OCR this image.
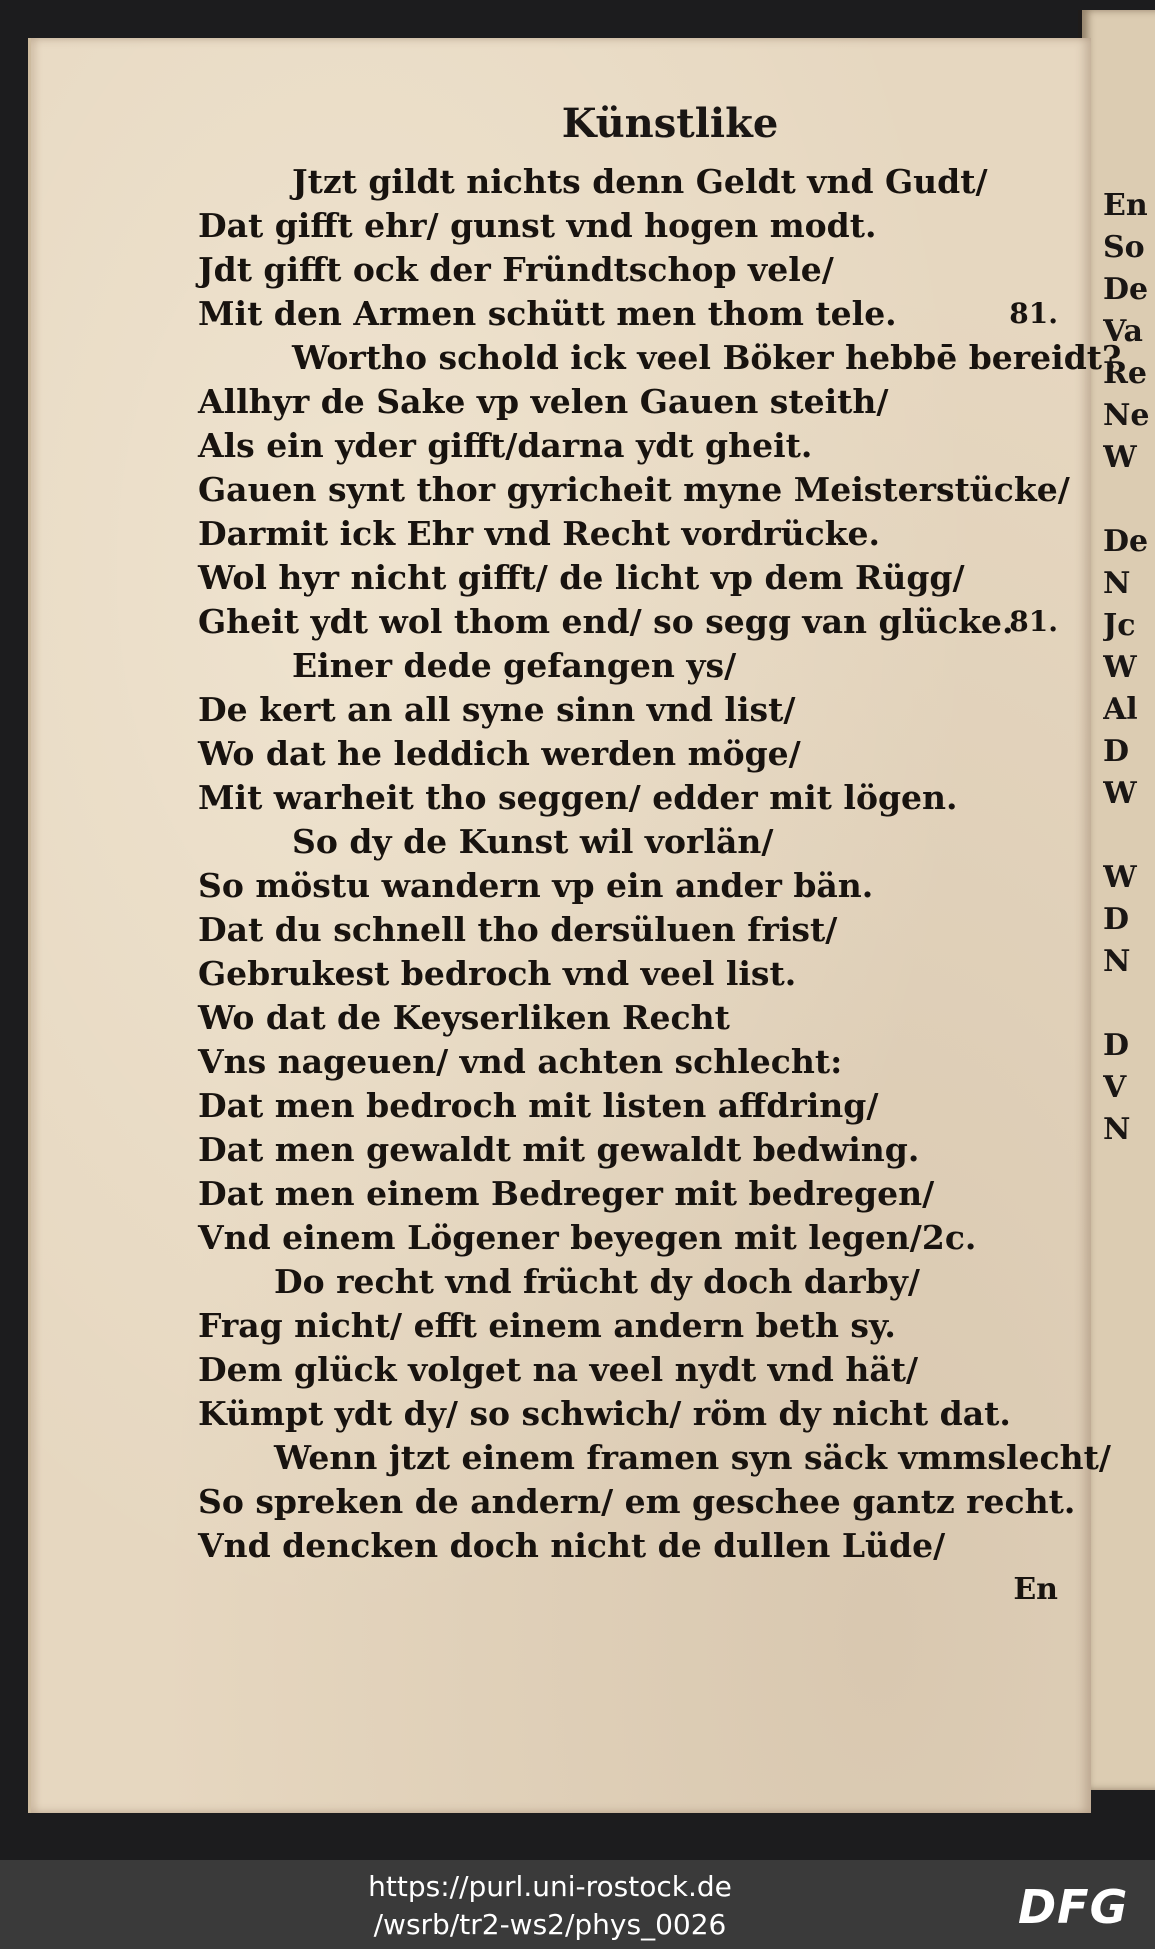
Künstlike
Jtzt gildt nichts denn Geldt vnd Gudt/
Dat gifft ehr/ gunst vnd hogen modt.
Jdt gifft ock der Fründtschop vele/
Mit den Armen schütt men thom tele.	81.
Wortho schold ick veel Böker hebbē bereidt?
Allhyr de Sake vp velen Gauen steith/
Als ein yder gifft/darna ydt gheit.
Gauen synt thor gyricheit myne Meisterstücke/
Darmit ick Ehr vnd Recht vordrücke.
Wol hyr nicht gifft/ de licht vp dem Rügg/
Gheit ydt wol thom end/ so segg van glücke.
81.
Einer dede gefangen ys/
De kert an all syne sinn vnd list/
Wo dat he leddich werden möge/
Mit warheit tho seggen/ edder mit lögen.
So dy de Kunst wil vorlän/
So möstu wandern vp ein ander bän.
Dat du schnell tho dersüluen frist/
Gebrukest bedroch vnd veel list.
Wo dat de Keyserliken Recht
Vns nageuen/ vnd achten schlecht:
Dat men bedroch mit listen affdring/
Dat men gewaldt mit gewaldt bedwing.
Dat men einem Bedreger mit bedregen/
Vnd einem Lögener beyegen mit legen/2c.
Do recht vnd frücht dy doch darby/
Frag nicht/ efft einem andern beth sy.
Dem glück volget na veel nydt vnd hät/
Kümpt ydt dy/ so schwich/ röm dy nicht dat.
Wenn jtzt einem framen syn säck vmmslecht/
So spreken de andern/ em geschee gantz recht.
Vnd dencken doch nicht de dullen Lüde/
En
En
So
De
Va
Re
Ne
W
De
N
Jc
W
Al
D
W
W
D
N
D
V
N
https://purl.uni-rostock.de
/wsrb/tr2-ws2/phys_0026	DFG
